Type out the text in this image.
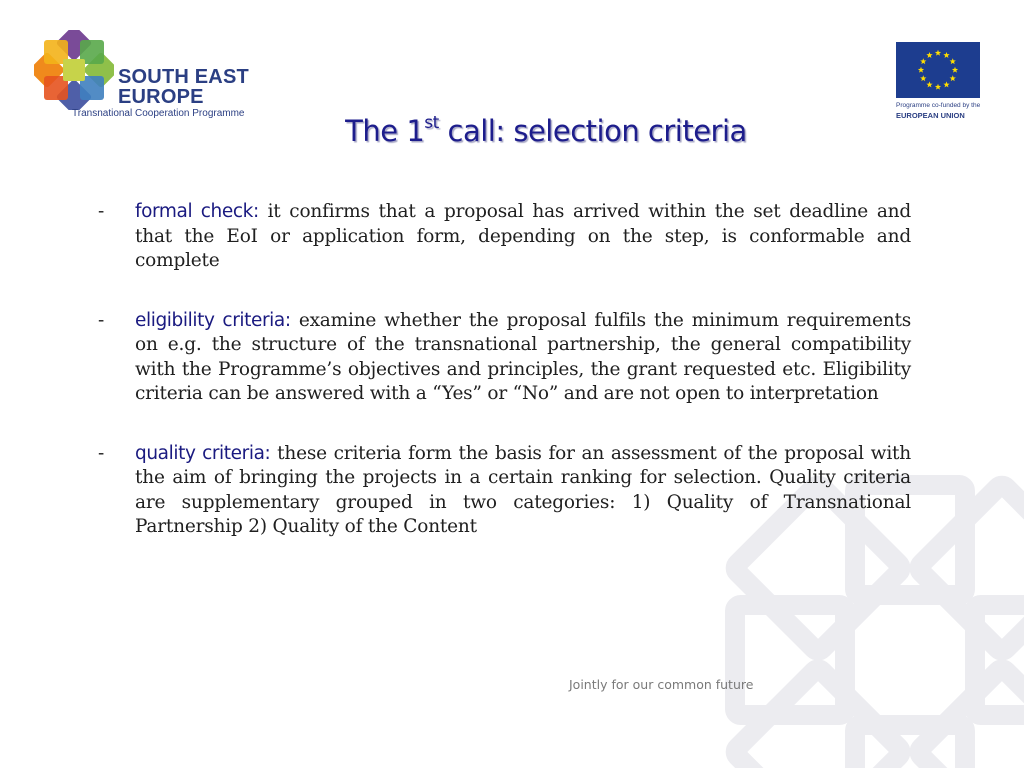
SOUTH EAST
EUROPE
Transnational Cooperation Programme
Programme co-funded by the
EUROPEAN UNION
The 1st call: selection criteria
- formal check: it confirms that a proposal has arrived within the set deadline and that the EoI or application form, depending on the step, is conformable and complete
- eligibility criteria: examine whether the proposal fulfils the minimum requirements on e.g. the structure of the transnational partnership, the general compatibility with the Programme’s objectives and principles, the grant requested etc. Eligibility criteria can be answered with a “Yes” or “No” and are not open to interpretation
- quality criteria: these criteria form the basis for an assessment of the proposal with the aim of bringing the projects in a certain ranking for selection. Quality criteria are supplementary grouped in two categories: 1) Quality of Transnational Partnership 2) Quality of the Content
Jointly for our common future
